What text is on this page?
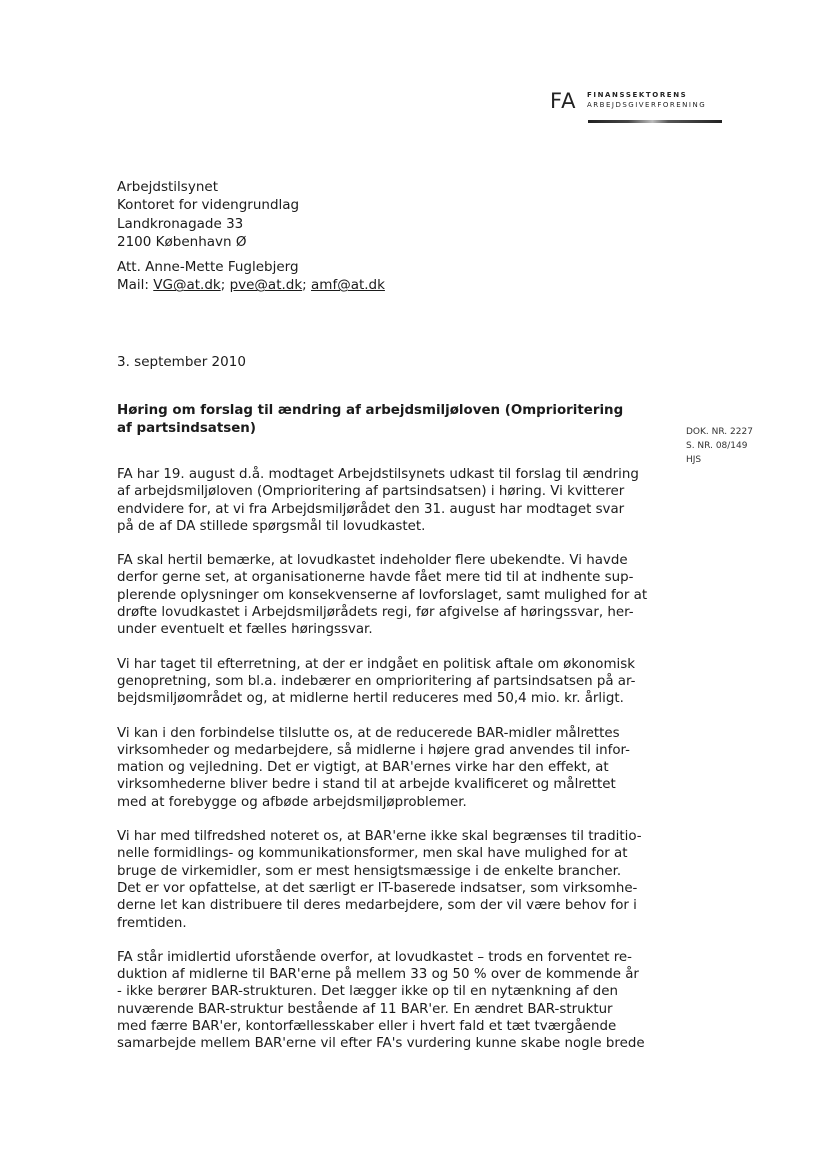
FA FINANSSEKTORENS
ARBEJDSGIVERFORENING
Arbejdstilsynet
Kontoret for videngrundlag
Landkronagade 33
2100 København Ø
Att. Anne-Mette Fuglebjerg
Mail: VG@at.dk; pve@at.dk; amf@at.dk
3. september 2010
Høring om forslag til ændring af arbejdsmiljøloven (Omprioritering af partsindsatsen)	DOK. NR. 2227
S. NR. 08/149
HJS
FA har 19. august d.å. modtaget Arbejdstilsynets udkast til forslag til ændring
af arbejdsmiljøloven (Omprioritering af partsindsatsen) i høring. Vi kvitterer
endvidere for, at vi fra Arbejdsmiljørådet den 31. august har modtaget svar
på de af DA stillede spørgsmål til lovudkastet.
FA skal hertil bemærke, at lovudkastet indeholder flere ubekendte. Vi havde
derfor gerne set, at organisationerne havde fået mere tid til at indhente sup-
plerende oplysninger om konsekvenserne af lovforslaget, samt mulighed for at
drøfte lovudkastet i Arbejdsmiljørådets regi, før afgivelse af høringssvar, her-
under eventuelt et fælles høringssvar.
Vi har taget til efterretning, at der er indgået en politisk aftale om økonomisk
genopretning, som bl.a. indebærer en omprioritering af partsindsatsen på ar-
bejdsmiljøområdet og, at midlerne hertil reduceres med 50,4 mio. kr. årligt.
Vi kan i den forbindelse tilslutte os, at de reducerede BAR-midler målrettes
virksomheder og medarbejdere, så midlerne i højere grad anvendes til infor-
mation og vejledning. Det er vigtigt, at BAR'ernes virke har den effekt, at
virksomhederne bliver bedre i stand til at arbejde kvalificeret og målrettet
med at forebygge og afbøde arbejdsmiljøproblemer.
Vi har med tilfredshed noteret os, at BAR'erne ikke skal begrænses til traditio-
nelle formidlings- og kommunikationsformer, men skal have mulighed for at
bruge de virkemidler, som er mest hensigtsmæssige i de enkelte brancher.
Det er vor opfattelse, at det særligt er IT-baserede indsatser, som virksomhe-
derne let kan distribuere til deres medarbejdere, som der vil være behov for i
fremtiden.
FA står imidlertid uforstående overfor, at lovudkastet – trods en forventet re-
duktion af midlerne til BAR'erne på mellem 33 og 50 % over de kommende år
- ikke berører BAR-strukturen. Det lægger ikke op til en nytænkning af den
nuværende BAR-struktur bestående af 11 BAR'er. En ændret BAR-struktur
med færre BAR'er, kontorfællesskaber eller i hvert fald et tæt tværgående
samarbejde mellem BAR'erne vil efter FA's vurdering kunne skabe nogle brede
